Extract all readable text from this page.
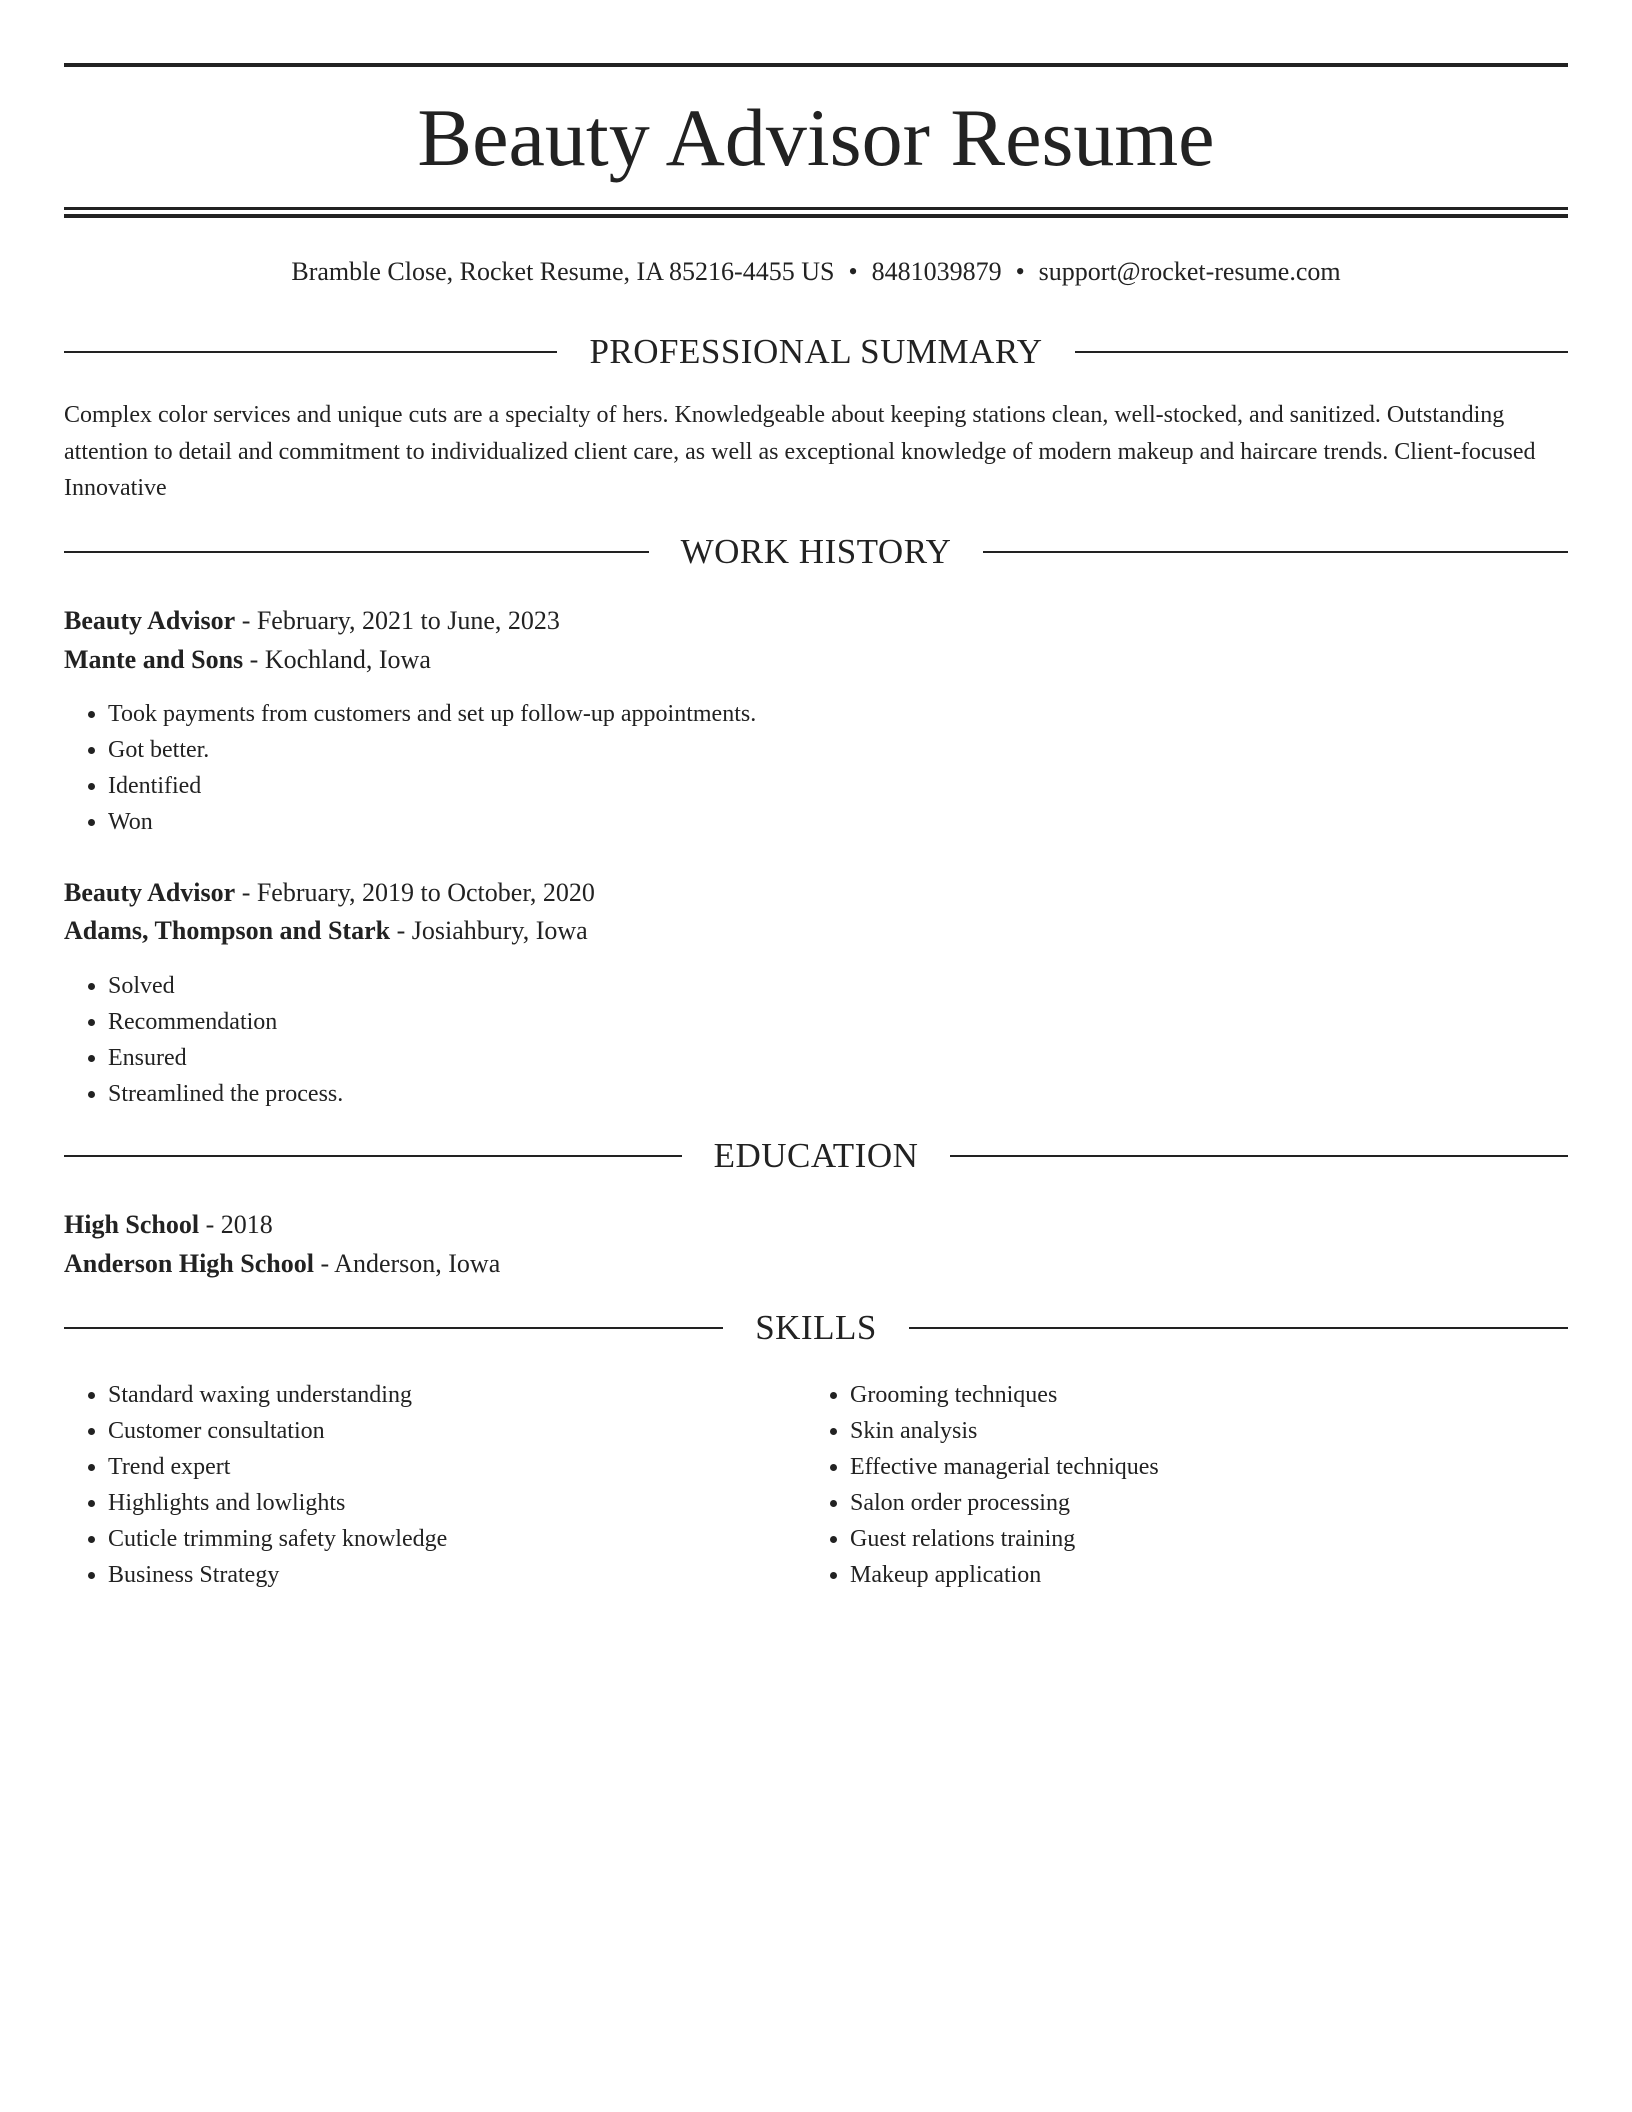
Beauty Advisor Resume
Bramble Close, Rocket Resume, IA 85216-4455 US • 8481039879 • support@rocket-resume.com
PROFESSIONAL SUMMARY

Complex color services and unique cuts are a specialty of hers. Knowledgeable about keeping stations clean, well-stocked, and sanitized. Outstanding attention to detail and commitment to individualized client care, as well as exceptional knowledge of modern makeup and haircare trends. Client-focused Innovative

WORK HISTORY
Beauty Advisor - February, 2021 to June, 2023
Mante and Sons - Kochland, Iowa
• Took payments from customers and set up follow-up appointments.
• Got better.
• Identified
• Won
Beauty Advisor - February, 2019 to October, 2020
Adams, Thompson and Stark - Josiahbury, Iowa
• Solved
• Recommendation
• Ensured
• Streamlined the process.
EDUCATION
High School - 2018
Anderson High School - Anderson, Iowa
SKILLS
• Standard waxing understanding
• Customer consultation
• Trend expert
• Highlights and lowlights
• Cuticle trimming safety knowledge
• Business Strategy
• Grooming techniques
• Skin analysis
• Effective managerial techniques
• Salon order processing
• Guest relations training
• Makeup application
